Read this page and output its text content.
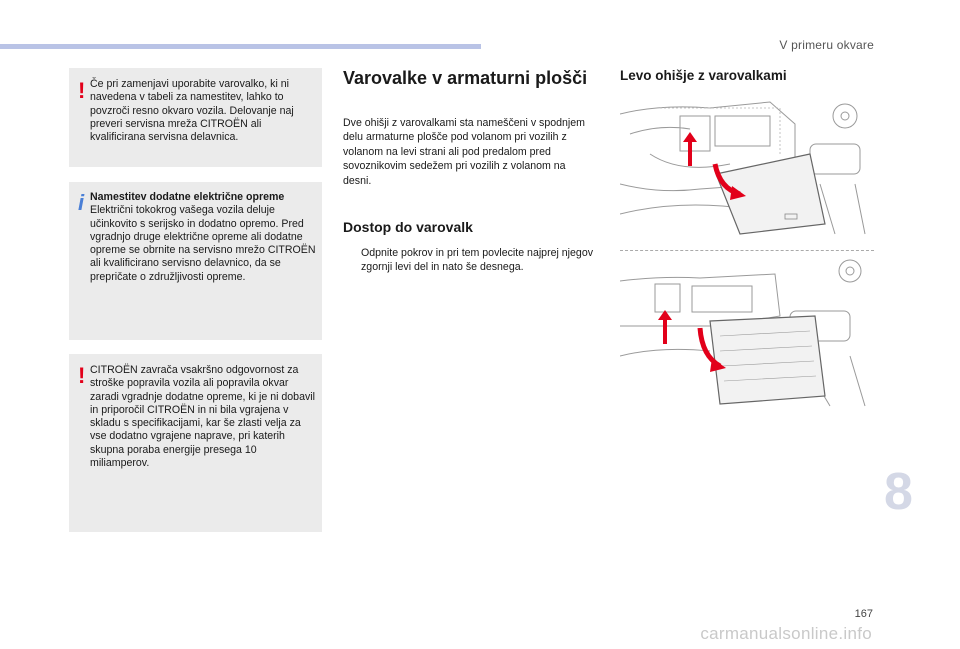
V primeru okvare
! Če pri zamenjavi uporabite varovalko, ki ni navedena v tabeli za namestitev, lahko to povzroči resno okvaro vozila. Delovanje naj preveri servisna mreža CITROËN ali kvalificirana servisna delavnica.
i Namestitev dodatne električne opreme
Električni tokokrog vašega vozila deluje učinkovito s serijsko in dodatno opremo. Pred vgradnjo druge električne opreme ali dodatne opreme se obrnite na servisno mrežo CITROËN ali kvalificirano servisno delavnico, da se prepričate o združljivosti opreme.
! CITROËN zavrača vsakršno odgovornost za stroške popravila vozila ali popravila okvar zaradi vgradnje dodatne opreme, ki je ni dobavil in priporočil CITROËN in ni bila vgrajena v skladu s specifikacijami, kar še zlasti velja za vse dodatno vgrajene naprave, pri katerih skupna poraba energije presega 10 miliamperov.
Varovalke v armaturni plošči
Dve ohišji z varovalkami sta nameščeni v spodnjem delu armaturne plošče pod volanom pri vozilih z volanom na levi strani ali pod predalom pred sovoznikovim sedežem pri vozilih z volanom na desni.
Dostop do varovalk
Odpnite pokrov in pri tem povlecite najprej njegov zgornji levi del in nato še desnega.
Levo ohišje z varovalkami
8
167
carmanualsonline.info
